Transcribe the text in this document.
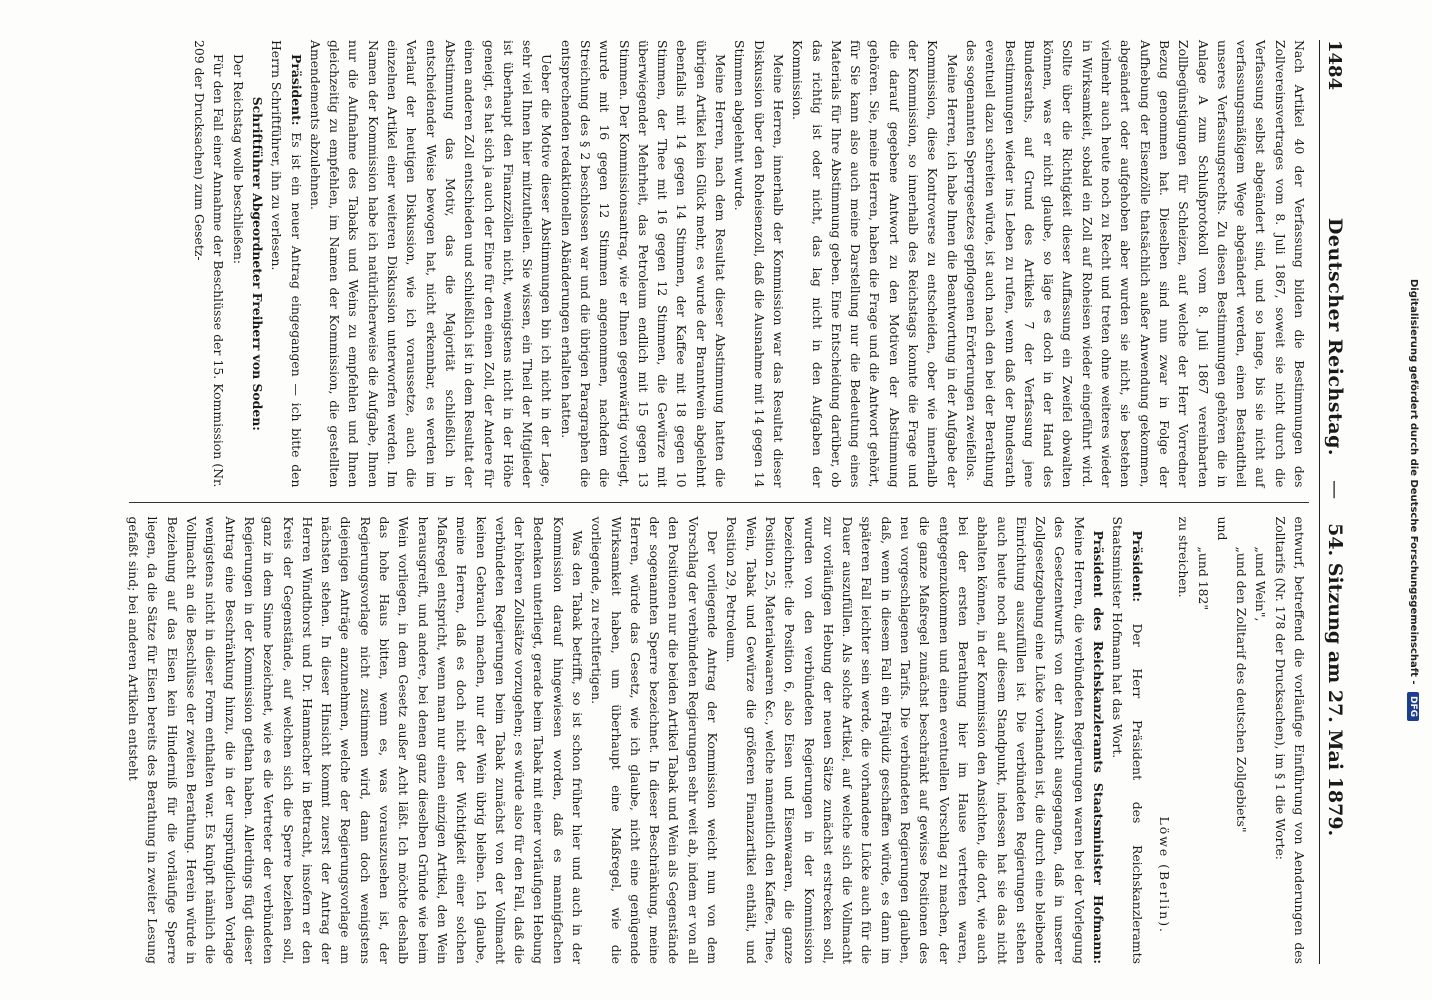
1484
Deutscher Reichstag. — 54. Sitzung am 27. Mai 1879.

Nach Artikel 40 der Verfassung bilden die Bestimmungen des Zollvereinsvertrages vom 8. Juli 1867, soweit sie nicht durch die Verfassung selbst abgeändert sind, und so lange, bis sie nicht auf verfassungsmäßigem Wege abgeändert werden, einen Bestandtheil unseres Verfassungsrechts. Zu diesen Bestimmungen gehören die in Anlage A zum Schlußprotokoll vom 8. Juli 1867 vereinbarten Zollbegünstigungen für Schleizen, auf welche der Herr Vorredner Bezug genommen hat. Dieselben sind nun zwar in Folge der Aufhebung der Eisenzölle thatsächlich außer Anwendung gekommen, abgeändert oder aufgehoben aber wurden sie nicht, sie bestehen vielmehr auch heute noch zu Recht und treten ohne weiteres wieder in Wirksamkeit, sobald ein Zoll auf Roheisen wieder eingeführt wird. Sollte über die Richtigkeit dieser Auffassung ein Zweifel obwalten können, was er nicht glaube, so läge es doch in der Hand des Bundesraths, auf Grund des Artikels 7 der Verfassung jene Bestimmungen wieder ins Leben zu rufen, wenn daß der Bundesrath eventuell dazu schreiten würde, ist auch nach den bei der Berathung des sogenannten Sperrgesetzes gepflogenen Erörterungen zweifellos.

Meine Herren, ich habe Ihnen die Beantwortung in der Aufgabe der Kommission, diese Kontroverse zu entscheiden, ober wie innerhalb der Kommission, so innerhalb des Reichstags konnte die Frage und die darauf gegebene Antwort zu den Motiven der Abstimmung gehören. Sie, meine Herren, haben die Frage und die Antwort gehört, für Sie kann also auch meine Darstellung nur die Bedeutung eines Materials für Ihre Abstimmung geben. Eine Entscheidung darüber, ob das richtig ist oder nicht, das lag nicht in den Aufgaben der Kommission.

Meine Herren, innerhalb der Kommission war das Resultat dieser Diskussion über den Roheisenzoll, daß die Ausnahme mit 14 gegen 14 Stimmen abgelehnt wurde.

Meine Herren, nach dem Resultat dieser Abstimmung hatten die übrigen Artikel kein Glück mehr, es wurde der Branntwein abgelehnt ebenfalls mit 14 gegen 14 Stimmen, der Kaffee mit 18 gegen 10 Stimmen, der Thee mit 16 gegen 12 Stimmen, die Gewürze mit überwiegender Mehrheit, das Petroleum endlich mit 15 gegen 13 Stimmen. Der Kommissionsantrag, wie er Ihnen gegenwärtig vorliegt, wurde mit 16 gegen 12 Stimmen angenommen, nachdem die Streichung des § 2 beschlossen war und die übrigen Paragraphen die entsprechenden redaktionellen Abänderungen erhalten hatten.

Ueber die Motive dieser Abstimmungen bin ich nicht in der Lage, sehr viel Ihnen hier mitzutheilen. Sie wissen, ein Theil der Mitglieder ist überhaupt den Finanzzöllen nicht, wenigstens nicht in der Höhe geneigt, es hat sich ja auch der Eine für den einen Zoll, der Andere für einen anderen Zoll entschieden und schließlich ist in dem Resultat der Abstimmung das Motiv, das die Majorität schließlich in entscheidender Weise bewogen hat, nicht erkennbar, es werden im Verlauf der heutigen Diskussion, wie ich voraussetze, auch die einzelnen Artikel einer weiteren Diskussion unterworfen werden. Im Namen der Kommission habe ich natürlicherweise die Aufgabe, Ihnen nur die Aufnahme des Tabaks und Weins zu empfehlen und Ihnen gleichzeitig zu empfehlen, im Namen der Kommission, die gestellten Amendements abzulehnen.

Präsident: Es ist ein neuer Antrag eingegangen — ich bitte den Herrn Schriftführer, ihn zu verlesen.

Schriftführer Abgeordneter Freiherr von Soden:

Der Reichstag wolle beschließen:

Für den Fall einer Annahme der Beschlüsse der 15. Kommission (Nr. 209 der Drucksachen) zum Gesetz-

entwurf, betreffend die vorläufige Einführung von Aenderungen des Zolltarifs (Nr. 178 der Drucksachen), im § 1 die Worte:

„und Wein",

„und den Zolltarif des deutschen Zollgebiets"

und

„und 182"

zu streichen.

Löwe (Berlin).

Präsident: Der Herr Präsident des Reichskanzleramts Staatsminister Hofmann hat das Wort.

Präsident des Reichskanzleramts Staatsminister Hofmann: Meine Herren, die verbündeten Regierungen waren bei der Vorlegung des Gesetzentwurfs von der Ansicht ausgegangen, daß in unserer Zollgesetzgebung eine Lücke vorhanden ist, die durch eine bleibende Einrichtung auszufüllen ist. Die verbündeten Regierungen stehen auch heute noch auf diesem Standpunkt, indessen hat sie das nicht abhalten können, in der Kommission den Ansichten, die dort, wie auch bei der ersten Berathung hier im Hause vertreten waren, entgegenzukommen und einen eventuellen Vorschlag zu machen, der die ganze Maßregel zunächst beschränkt auf gewisse Positionen des neu vorgeschlagenen Tarifs. Die verbündeten Regierungen glauben, daß, wenn in diesem Fall ein Präjudiz geschaffen würde, es dann im späteren Fall leichter sein werde, die vorhandene Lücke auch für die Dauer auszufüllen. Als solche Artikel, auf welche sich die Vollmacht zur vorläufigen Hebung der neuen Sätze zunächst erstrecken soll, wurden von den verbündeten Regierungen in der Kommission bezeichnet: die Position 6, also Eisen und Eisenwaaren, die ganze Position 25, Materialwaaren &c., welche namentlich den Kaffee, Thee, Wein, Tabak und Gewürze die größeren Finanzartikel enthält, und Position 29, Petroleum.

Der vorliegende Antrag der Kommission weicht nun von dem Vorschlag der verbündeten Regierungen sehr weit ab, indem er von all den Positionen nur die beiden Artikel Tabak und Wein als Gegenstände der sogenannten Sperre bezeichnet. In dieser Beschränkung, meine Herren, würde das Gesetz, wie ich glaube, nicht eine genügende Wirksamkeit haben, um überhaupt eine Maßregel, wie die vorliegende, zu rechtfertigen.

Was den Tabak betrifft, so ist schon früher hier und auch in der Kommission darauf hingewiesen worden, daß es mannigfachen Bedenken unterliegt, gerade beim Tabak mit einer vorläufigen Hebung der höheren Zollsätze vorzugehen; es würde also für den Fall, daß die verbündeten Regierungen beim Tabak zunächst von der Vollmacht keinen Gebrauch machen, nur der Wein übrig bleiben. Ich glaube, meine Herren, daß es doch nicht der Wichtigkeit einer solchen Maßregel entspricht, wenn man nur einen einzigen Artikel, den Wein herausgreift, und andere, bei denen ganz dieselben Gründe wie beim Wein vorliegen, in dem Gesetz außer Acht läßt. Ich möchte deshalb das hohe Haus bitten, wenn es, was vorauszusehen ist, der Regierungsvorlage nicht zustimmen wird, dann doch wenigstens diejenigen Anträge anzunehmen, welche der Regierungsvorlage am nächsten stehen. In dieser Hinsicht kommt zuerst der Antrag der Herren Windthorst und Dr. Hammacher in Betracht, insofern er den Kreis der Gegenstände, auf welchen sich die Sperre beziehen soll, ganz in dem Sinne bezeichnet, wie es die Vertreter der verbündeten Regierungen in der Kommission gethan haben. Allerdings fügt dieser Antrag eine Beschränkung hinzu, die in der ursprünglichen Vorlage wenigstens nicht in dieser Form enthalten war. Es knüpft nämlich die Vollmacht an die Beschlüsse der zweiten Berathung. Herein würde in Beziehung auf das Eisen kein Hinderniß für die vorläufige Sperre liegen, da die Sätze für Eisen bereits des Berathung in zweiter Lesung gefaßt sind; bei anderen Artikeln entsteht	Digitalisierung gefördert durch die Deutsche Forschungsgemeinschaft - DFG
